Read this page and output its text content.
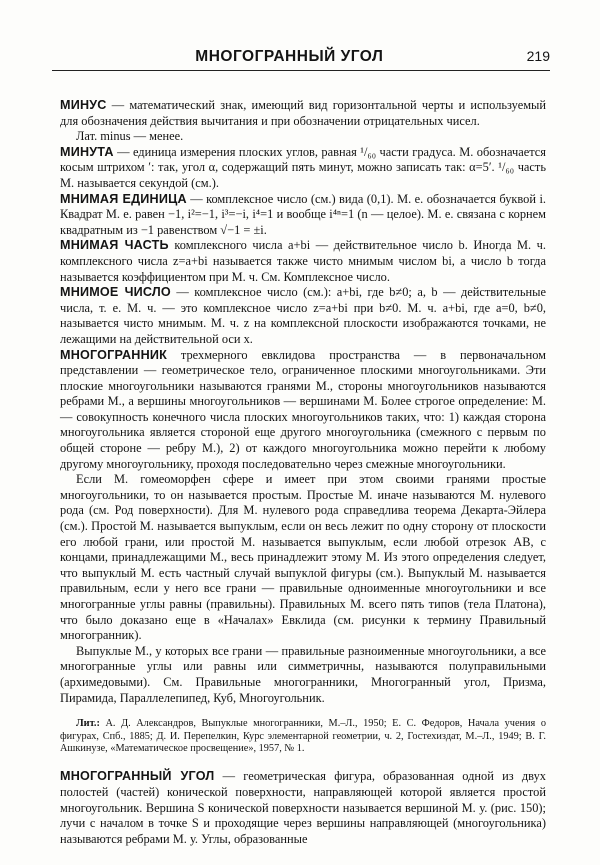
МНОГОГРАННЫЙ УГОЛ	219

МИНУС — математический знак, имеющий вид горизонтальной черты и используемый для обозначения действия вычитания и при обозначении отрицательных чисел.

Лат. minus — менее.

МИНУТА — единица измерения плоских углов, равная ¹/₆₀ части градуса. М. обозначается косым штрихом ′: так, угол α, содержащий пять минут, можно записать так: α=5′. ¹/₆₀ часть М. называется секундой (см.).

МНИМАЯ ЕДИНИЦА — комплексное число (см.) вида (0,1). М. е. обозначается буквой i. Квадрат М. е. равен −1, i²=−1, i³=−i, i⁴=1 и вообще i⁴ⁿ=1 (n — целое). М. е. связана с корнем квадратным из −1 равенством √−1 = ±i.

МНИМАЯ ЧАСТЬ комплексного числа a+bi — действительное число b. Иногда М. ч. комплексного числа z=a+bi называется также чисто мнимым числом bi, а число b тогда называется коэффициентом при М. ч. См. Комплексное число.

МНИМОЕ ЧИСЛО — комплексное число (см.): a+bi, где b≠0; a, b — действительные числа, т. е. М. ч. — это комплексное число z=a+bi при b≠0. М. ч. a+bi, где a=0, b≠0, называется чисто мнимым. М. ч. z на комплексной плоскости изображаются точками, не лежащими на действительной оси x.

МНОГОГРАННИК трехмерного евклидова пространства — в первоначальном представлении — геометрическое тело, ограниченное плоскими многоугольниками. Эти плоские многоугольники называются гранями М., стороны многоугольников называются ребрами М., а вершины многоугольников — вершинами М. Более строгое определение: М. — совокупность конечного числа плоских многоугольников таких, что: 1) каждая сторона многоугольника является стороной еще другого многоугольника (смежного с первым по общей стороне — ребру М.), 2) от каждого многоугольника можно перейти к любому другому многоугольнику, проходя последовательно через смежные многоугольники.

Если М. гомеоморфен сфере и имеет при этом своими гранями простые многоугольники, то он называется простым. Простые М. иначе называются М. нулевого рода (см. Род поверхности). Для М. нулевого рода справедлива теорема Декарта-Эйлера (см.). Простой М. называется выпуклым, если он весь лежит по одну сторону от плоскости его любой грани, или простой М. называется выпуклым, если любой отрезок AB, с концами, принадлежащими М., весь принадлежит этому М. Из этого определения следует, что выпуклый М. есть частный случай выпуклой фигуры (см.). Выпуклый М. называется правильным, если у него все грани — правильные одноименные многоугольники и все многогранные углы равны (правильны). Правильных М. всего пять типов (тела Платона), что было доказано еще в «Началах» Евклида (см. рисунки к термину Правильный многогранник).

Выпуклые М., у которых все грани — правильные разноименные многоугольники, а все многогранные углы или равны или симметричны, называются полуправильными (архимедовыми). См. Правильные многогранники, Многогранный угол, Призма, Пирамида, Параллелепипед, Куб, Многоугольник.

Лит.: А. Д. Александров, Выпуклые многогранники, М.–Л., 1950; Е. С. Федоров, Начала учения о фигурах, Спб., 1885; Д. И. Перепелкин, Курс элементарной геометрии, ч. 2, Гостехиздат, М.–Л., 1949; В. Г. Ашкинузе, «Математическое просвещение», 1957, № 1.

МНОГОГРАННЫЙ УГОЛ — геометрическая фигура, образованная одной из двух полостей (частей) конической поверхности, направляющей которой является простой многоугольник. Вершина S конической поверхности называется вершиной М. у. (рис. 150); лучи с началом в точке S и проходящие через вершины направляющей (многоугольника) называются ребрами М. у. Углы, образованные
